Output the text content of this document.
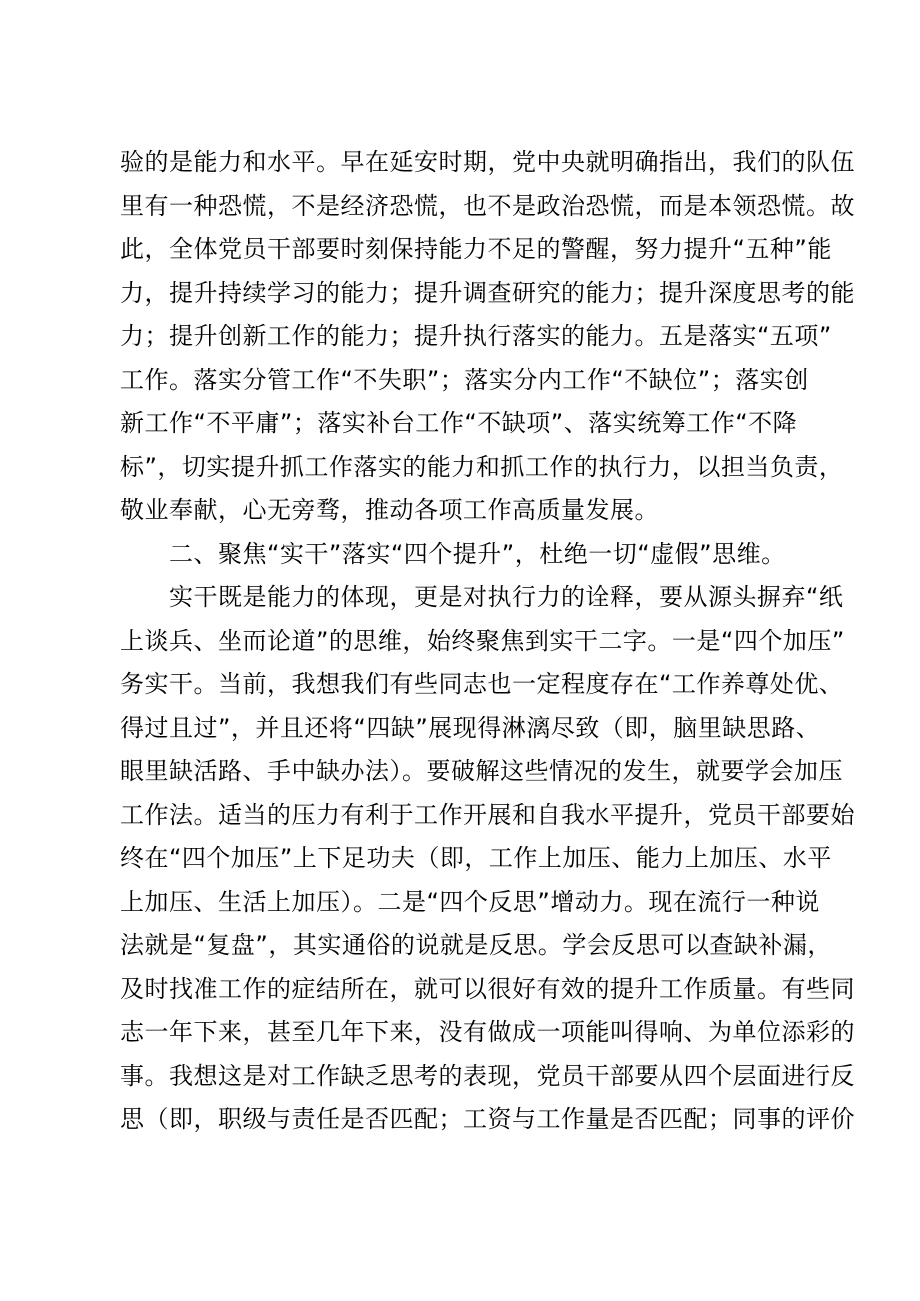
验的是能力和水平。早在延安时期，党中央就明确指出，我们的队伍
里有一种恐慌，不是经济恐慌，也不是政治恐慌，而是本领恐慌。故
此，全体党员干部要时刻保持能力不足的警醒，努力提升“五种”能
力，提升持续学习的能力；提升调查研究的能力；提升深度思考的能
力；提升创新工作的能力；提升执行落实的能力。五是落实“五项”
工作。落实分管工作“不失职”；落实分内工作“不缺位”；落实创
新工作“不平庸”；落实补台工作“不缺项”、落实统筹工作“不降
标”，切实提升抓工作落实的能力和抓工作的执行力，以担当负责，
敬业奉献，心无旁骛，推动各项工作高质量发展。
　　二、聚焦“实干”落实“四个提升”，杜绝一切“虚假”思维。
　　实干既是能力的体现，更是对执行力的诠释，要从源头摒弃“纸
上谈兵、坐而论道”的思维，始终聚焦到实干二字。一是“四个加压”
务实干。当前，我想我们有些同志也一定程度存在“工作养尊处优、
得过且过”，并且还将“四缺”展现得淋漓尽致（即，脑里缺思路、
眼里缺活路、手中缺办法）。要破解这些情况的发生，就要学会加压
工作法。适当的压力有利于工作开展和自我水平提升，党员干部要始
终在“四个加压”上下足功夫（即，工作上加压、能力上加压、水平
上加压、生活上加压）。二是“四个反思”增动力。现在流行一种说
法就是“复盘”，其实通俗的说就是反思。学会反思可以查缺补漏，
及时找准工作的症结所在，就可以很好有效的提升工作质量。有些同
志一年下来，甚至几年下来，没有做成一项能叫得响、为单位添彩的
事。我想这是对工作缺乏思考的表现，党员干部要从四个层面进行反
思（即，职级与责任是否匹配；工资与工作量是否匹配；同事的评价
